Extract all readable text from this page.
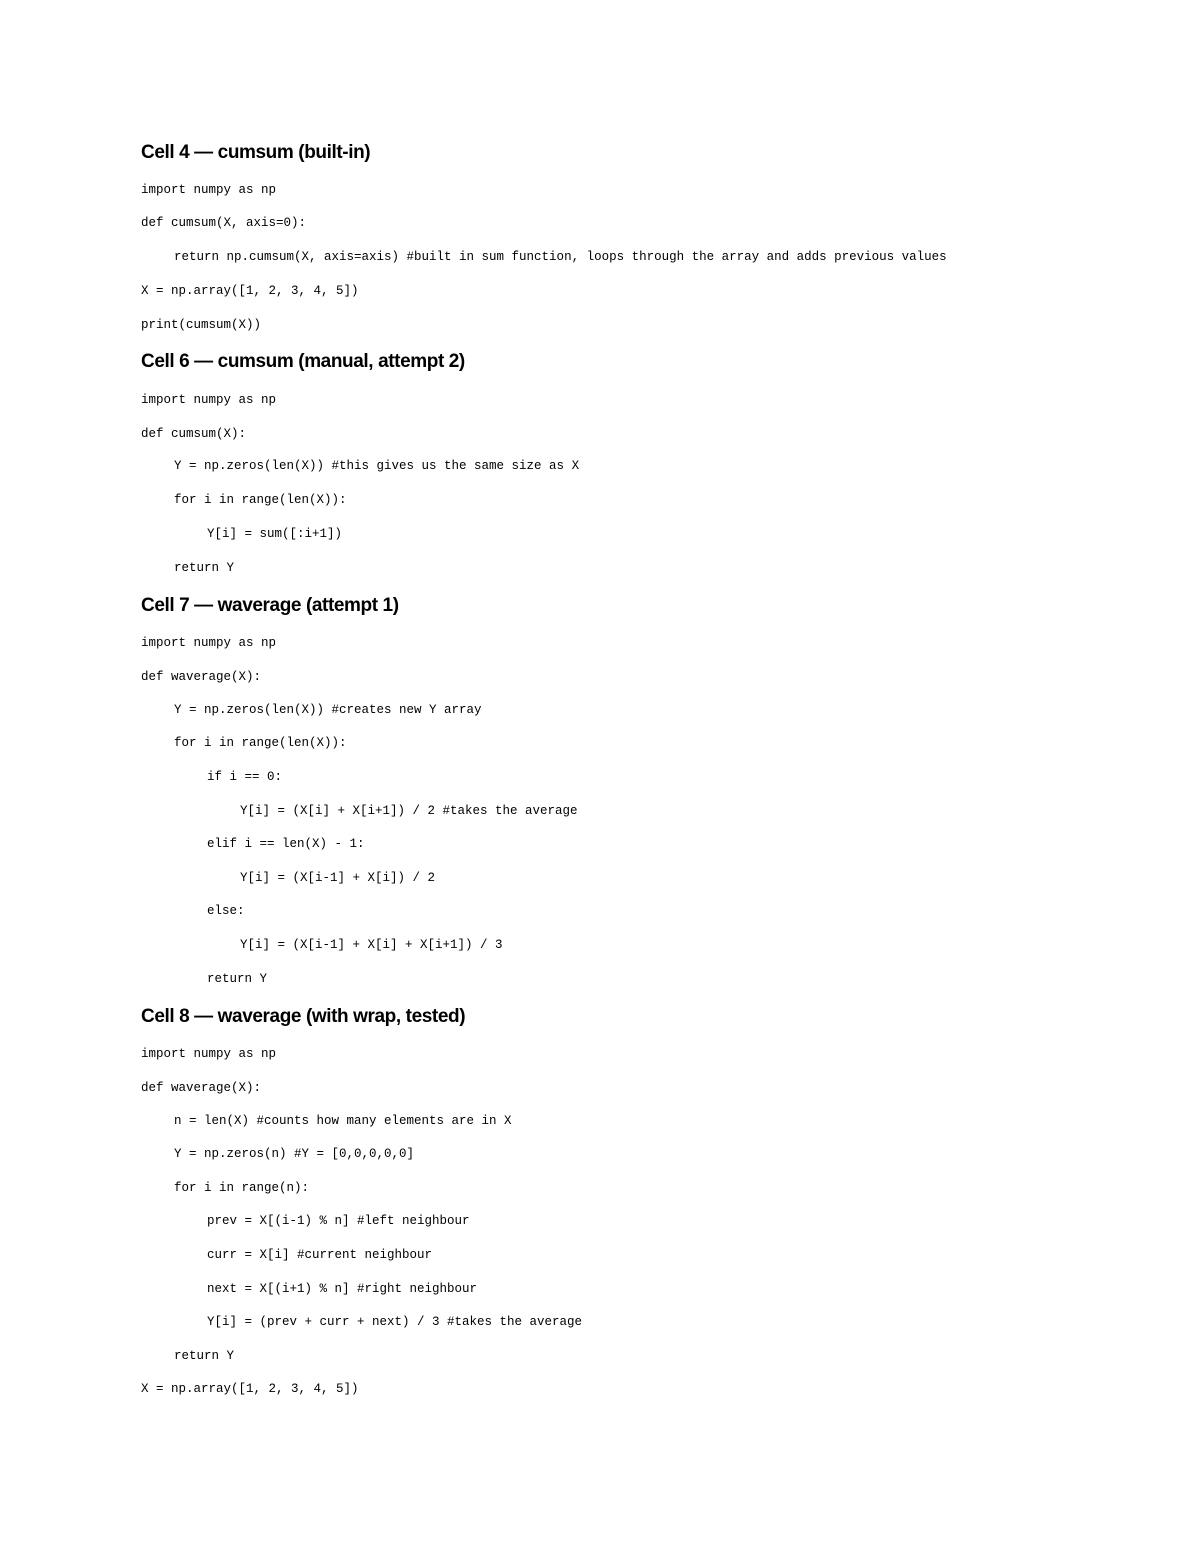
Cell 4 — cumsum (built-in)
import numpy as np
def cumsum(X, axis=0):
return np.cumsum(X, axis=axis) #built in sum function, loops through the array and adds previous values
X = np.array([1, 2, 3, 4, 5])
print(cumsum(X))
Cell 6 — cumsum (manual, attempt 2)
import numpy as np
def cumsum(X):
Y = np.zeros(len(X)) #this gives us the same size as X
for i in range(len(X)):
Y[i] = sum([:i+1])
return Y
Cell 7 — waverage (attempt 1)
import numpy as np
def waverage(X):
Y = np.zeros(len(X)) #creates new Y array
for i in range(len(X)):
if i == 0:
Y[i] = (X[i] + X[i+1]) / 2 #takes the average
elif i == len(X) - 1:
Y[i] = (X[i-1] + X[i]) / 2
else:
Y[i] = (X[i-1] + X[i] + X[i+1]) / 3
return Y
Cell 8 — waverage (with wrap, tested)
import numpy as np
def waverage(X):
n = len(X) #counts how many elements are in X
Y = np.zeros(n) #Y = [0,0,0,0,0]
for i in range(n):
prev = X[(i-1) % n] #left neighbour
curr = X[i] #current neighbour
next = X[(i+1) % n] #right neighbour
Y[i] = (prev + curr + next) / 3 #takes the average
return Y
X = np.array([1, 2, 3, 4, 5])
